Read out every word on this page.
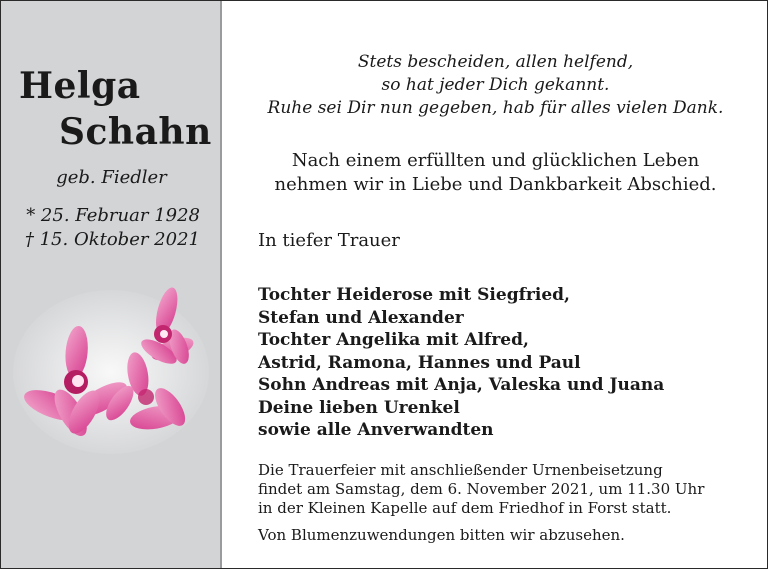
Helga
Schahn
geb. Fiedler
* 25. Februar 1928
† 15. Oktober 2021
Stets bescheiden, allen helfend,
so hat jeder Dich gekannt.
Ruhe sei Dir nun gegeben, hab für alles vielen Dank.
Nach einem erfüllten und glücklichen Leben
nehmen wir in Liebe und Dankbarkeit Abschied.
In tiefer Trauer
Tochter Heiderose mit Siegfried,
Stefan und Alexander
Tochter Angelika mit Alfred,
Astrid, Ramona, Hannes und Paul
Sohn Andreas mit Anja, Valeska und Juana
Deine lieben Urenkel
sowie alle Anverwandten
Die Trauerfeier mit anschließender Urnenbeisetzung
findet am Samstag, dem 6. November 2021, um 11.30 Uhr
in der Kleinen Kapelle auf dem Friedhof in Forst statt.
Von Blumenzuwendungen bitten wir abzusehen.
